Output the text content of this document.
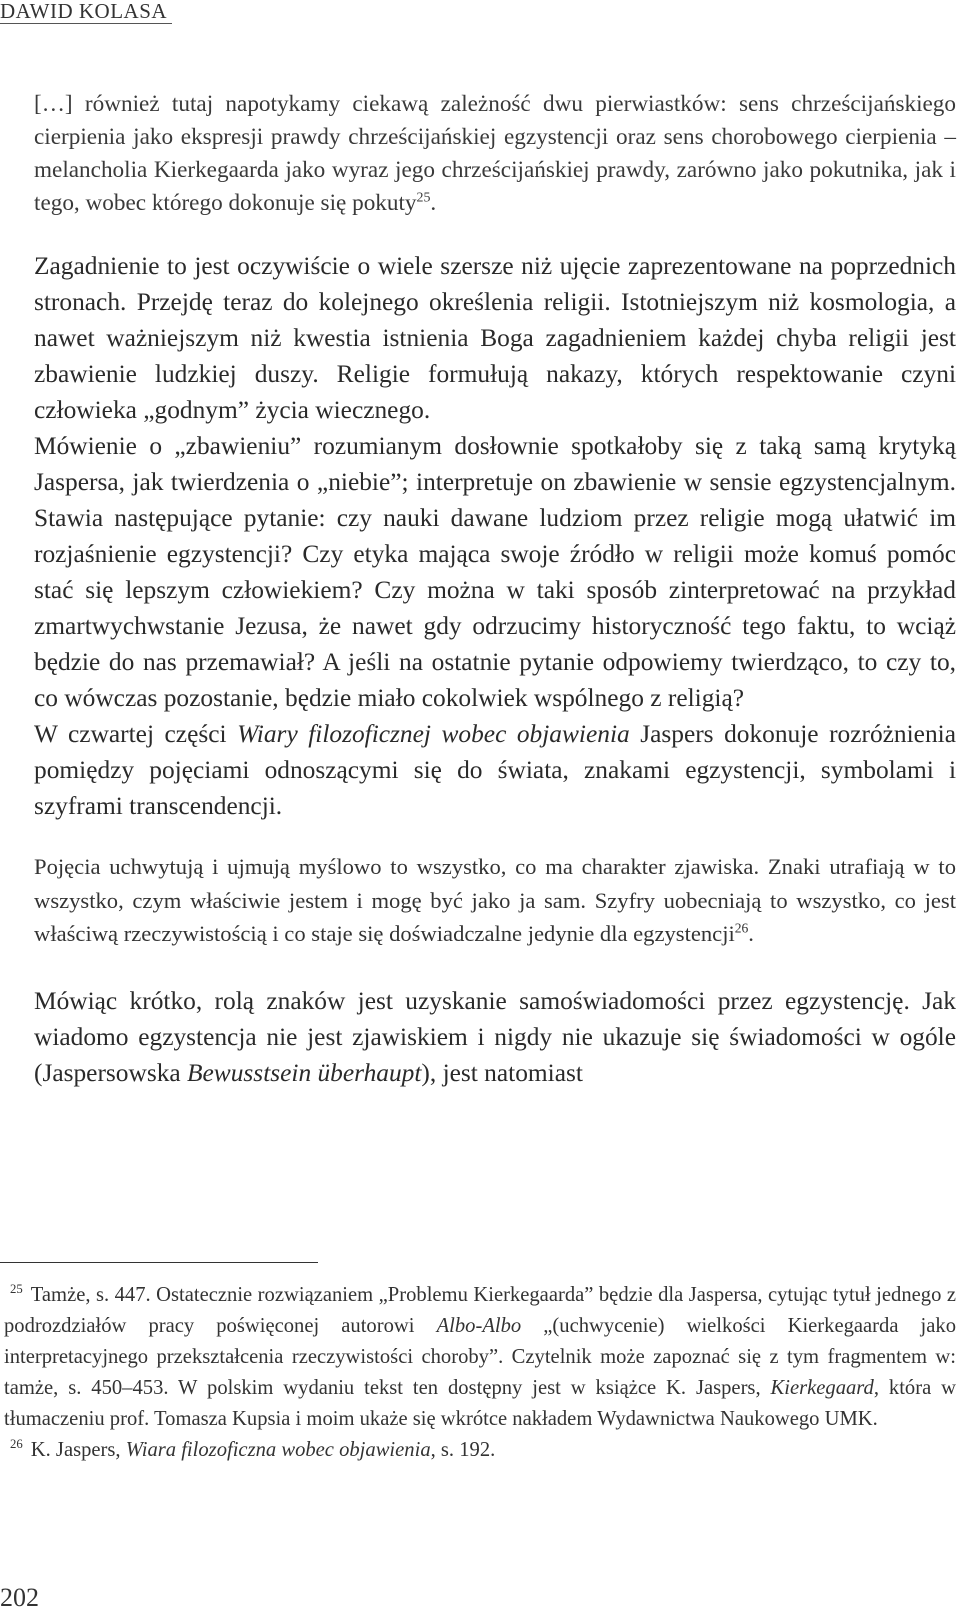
DAWID KOLASA

[…] również tutaj napotykamy ciekawą zależność dwu pierwiastków: sens chrześcijańskiego cierpienia jako ekspresji prawdy chrześcijańskiej egzystencji oraz sens chorobowego cierpienia – melancholia Kierkegaarda jako wyraz jego chrześcijańskiej prawdy, zarówno jako pokutnika, jak i tego, wobec którego dokonuje się pokuty$^{25}$.

Zagadnienie to jest oczywiście o wiele szersze niż ujęcie zaprezentowane na poprzednich stronach. Przejdę teraz do kolejnego określenia religii. Istotniejszym niż kosmologia, a nawet ważniejszym niż kwestia istnienia Boga zagadnieniem każdej chyba religii jest zbawienie ludzkiej duszy. Religie formułują nakazy, których respektowanie czyni człowieka „godnym” życia wiecznego.

Mówienie o „zbawieniu” rozumianym dosłownie spotkałoby się z taką samą krytyką Jaspersa, jak twierdzenia o „niebie”; interpretuje on zbawienie w sensie egzystencjalnym. Stawia następujące pytanie: czy nauki dawane ludziom przez religie mogą ułatwić im rozjaśnienie egzystencji? Czy etyka mająca swoje źródło w religii może komuś pomóc stać się lepszym człowiekiem? Czy można w taki sposób zinterpretować na przykład zmartwychwstanie Jezusa, że nawet gdy odrzucimy historyczność tego faktu, to wciąż będzie do nas przemawiał? A jeśli na ostatnie pytanie odpowiemy twierdząco, to czy to, co wówczas pozostanie, będzie miało cokolwiek wspólnego z religią?

W czwartej części Wiary filozoficznej wobec objawienia Jaspers dokonuje rozróżnienia pomiędzy pojęciami odnoszącymi się do świata, znakami egzystencji, symbolami i szyframi transcendencji.

Pojęcia uchwytują i ujmują myślowo to wszystko, co ma charakter zjawiska. Znaki utrafiają w to wszystko, czym właściwie jestem i mogę być jako ja sam. Szyfry uobecniają to wszystko, co jest właściwą rzeczywistością i co staje się doświadczalne jedynie dla egzystencji$^{26}$.

Mówiąc krótko, rolą znaków jest uzyskanie samoświadomości przez egzystencję. Jak wiadomo egzystencja nie jest zjawiskiem i nigdy nie ukazuje się świadomości w ogóle (Jaspersowska Bewusstsein überhaupt), jest natomiast

$^{25}$ Tamże, s. 447. Ostatecznie rozwiązaniem „Problemu Kierkegaarda” będzie dla Jaspersa, cytując tytuł jednego z podrozdziałów pracy poświęconej autorowi Albo-Albo „(uchwycenie) wielkości Kierkegaarda jako interpretacyjnego przekształcenia rzeczywistości choroby”. Czytelnik może zapoznać się z tym fragmentem w: tamże, s. 450–453. W polskim wydaniu tekst ten dostępny jest w książce K. Jaspers, Kierkegaard, która w tłumaczeniu prof. Tomasza Kupsia i moim ukaże się wkrótce nakładem Wydawnictwa Naukowego UMK.

$^{26}$ K. Jaspers, Wiara filozoficzna wobec objawienia, s. 192.

202
